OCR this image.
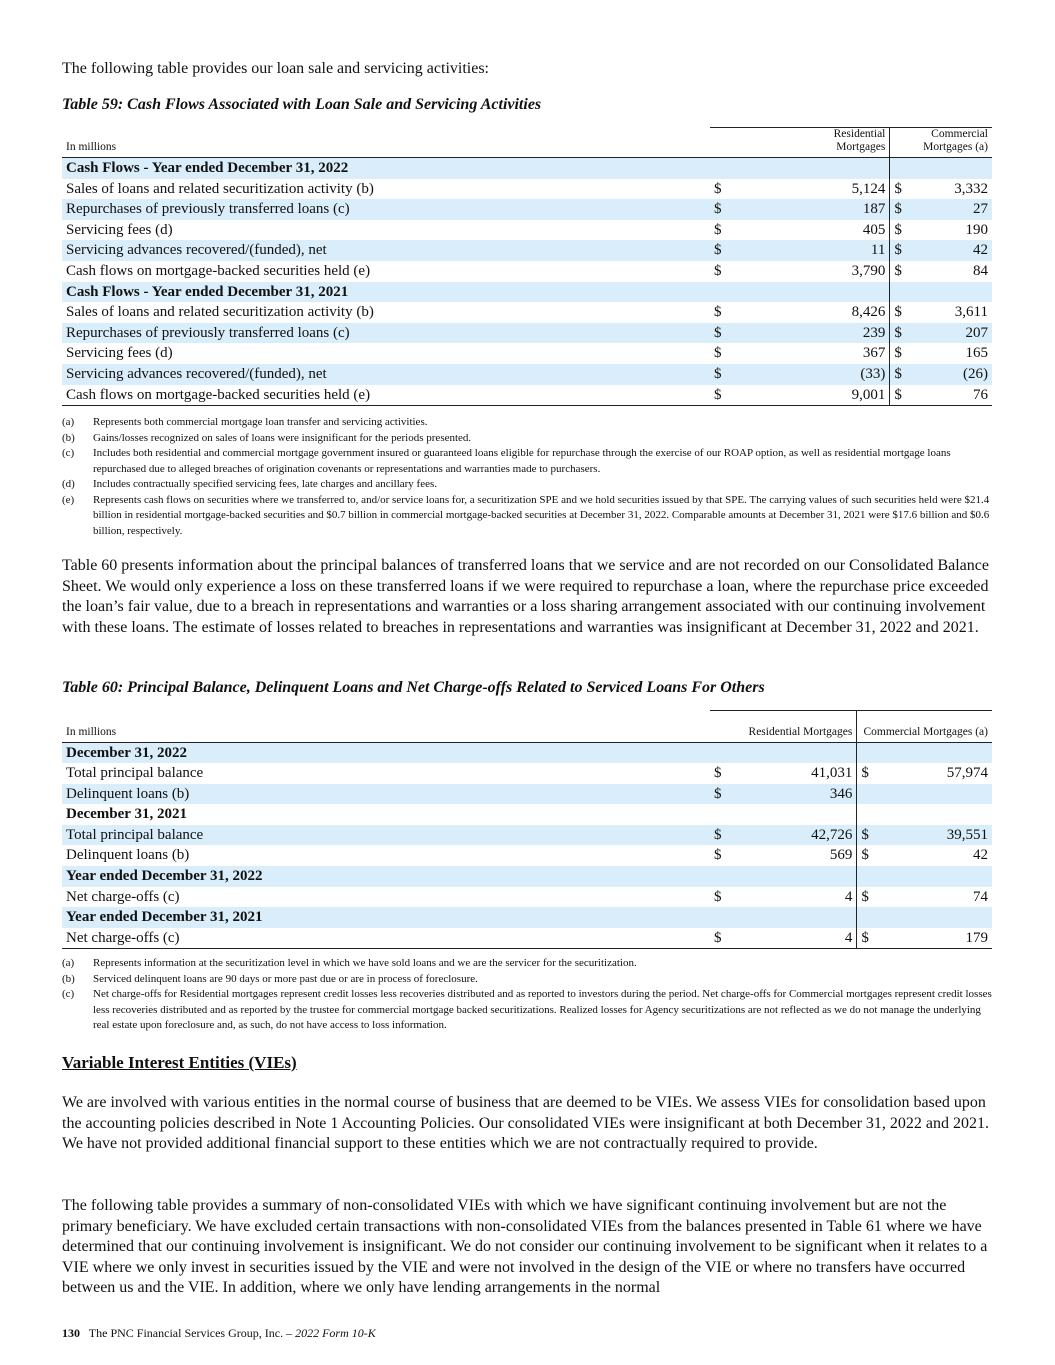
The following table provides our loan sale and servicing activities:

Table 59: Cash Flows Associated with Loan Sale and Servicing Activities

In millions	Residential
Mortgages		Commercial
Mortgages (a)	
Cash Flows - Year ended December 31, 2022				
Sales of loans and related securitization activity (b)	$	5,124	$	3,332
Repurchases of previously transferred loans (c)	$	187	$	27
Servicing fees (d)	$	405	$	190
Servicing advances recovered/(funded), net	$	11	$	42
Cash flows on mortgage-backed securities held (e)	$	3,790	$	84
Cash Flows - Year ended December 31, 2021				
Sales of loans and related securitization activity (b)	$	8,426	$	3,611
Repurchases of previously transferred loans (c)	$	239	$	207
Servicing fees (d)	$	367	$	165
Servicing advances recovered/(funded), net	$	(33)	$	(26)
Cash flows on mortgage-backed securities held (e)	$	9,001	$	76
(a)	Represents both commercial mortgage loan transfer and servicing activities.
(b)	Gains/losses recognized on sales of loans were insignificant for the periods presented.
(c)	Includes both residential and commercial mortgage government insured or guaranteed loans eligible for repurchase through the exercise of our ROAP option, as well as residential mortgage loans repurchased due to alleged breaches of origination covenants or representations and warranties made to purchasers.
(d)	Includes contractually specified servicing fees, late charges and ancillary fees.
(e)	Represents cash flows on securities where we transferred to, and/or service loans for, a securitization SPE and we hold securities issued by that SPE. The carrying values of such securities held were $21.4 billion in residential mortgage-backed securities and $0.7 billion in commercial mortgage-backed securities at December 31, 2022. Comparable amounts at December 31, 2021 were $17.6 billion and $0.6 billion, respectively.

Table 60 presents information about the principal balances of transferred loans that we service and are not recorded on our Consolidated Balance Sheet. We would only experience a loss on these transferred loans if we were required to repurchase a loan, where the repurchase price exceeded the loan’s fair value, due to a breach in representations and warranties or a loss sharing arrangement associated with our continuing involvement with these loans. The estimate of losses related to breaches in representations and warranties was insignificant at December 31, 2022 and 2021.

Table 60: Principal Balance, Delinquent Loans and Net Charge-offs Related to Serviced Loans For Others

In millions	Residential Mortgages		Commercial Mortgages (a)	
December 31, 2022				
Total principal balance	$	41,031	$	57,974
Delinquent loans (b)	$	346		
December 31, 2021				
Total principal balance	$	42,726	$	39,551
Delinquent loans (b)	$	569	$	42
Year ended December 31, 2022				
Net charge-offs (c)	$	4	$	74
Year ended December 31, 2021				
Net charge-offs (c)	$	4	$	179
(a)	Represents information at the securitization level in which we have sold loans and we are the servicer for the securitization.
(b)	Serviced delinquent loans are 90 days or more past due or are in process of foreclosure.
(c)	Net charge-offs for Residential mortgages represent credit losses less recoveries distributed and as reported to investors during the period. Net charge-offs for Commercial mortgages represent credit losses less recoveries distributed and as reported by the trustee for commercial mortgage backed securitizations. Realized losses for Agency securitizations are not reflected as we do not manage the underlying real estate upon foreclosure and, as such, do not have access to loss information.

Variable Interest Entities (VIEs)

We are involved with various entities in the normal course of business that are deemed to be VIEs. We assess VIEs for consolidation based upon the accounting policies described in Note 1 Accounting Policies. Our consolidated VIEs were insignificant at both December 31, 2022 and 2021. We have not provided additional financial support to these entities which we are not contractually required to provide.

The following table provides a summary of non-consolidated VIEs with which we have significant continuing involvement but are not the primary beneficiary. We have excluded certain transactions with non-consolidated VIEs from the balances presented in Table 61 where we have determined that our continuing involvement is insignificant. We do not consider our continuing involvement to be significant when it relates to a VIE where we only invest in securities issued by the VIE and were not involved in the design of the VIE or where no transfers have occurred between us and the VIE. In addition, where we only have lending arrangements in the normal

130 The PNC Financial Services Group, Inc. – 2022 Form 10-K
